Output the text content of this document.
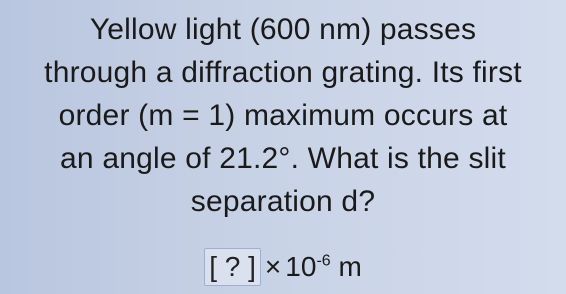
Yellow light (600 nm) passes
through a diffraction grating. Its first
order (m = 1) maximum occurs at
an angle of 21.2°. What is the slit
separation d?
[ ? ] × $10^{-6}$ m
